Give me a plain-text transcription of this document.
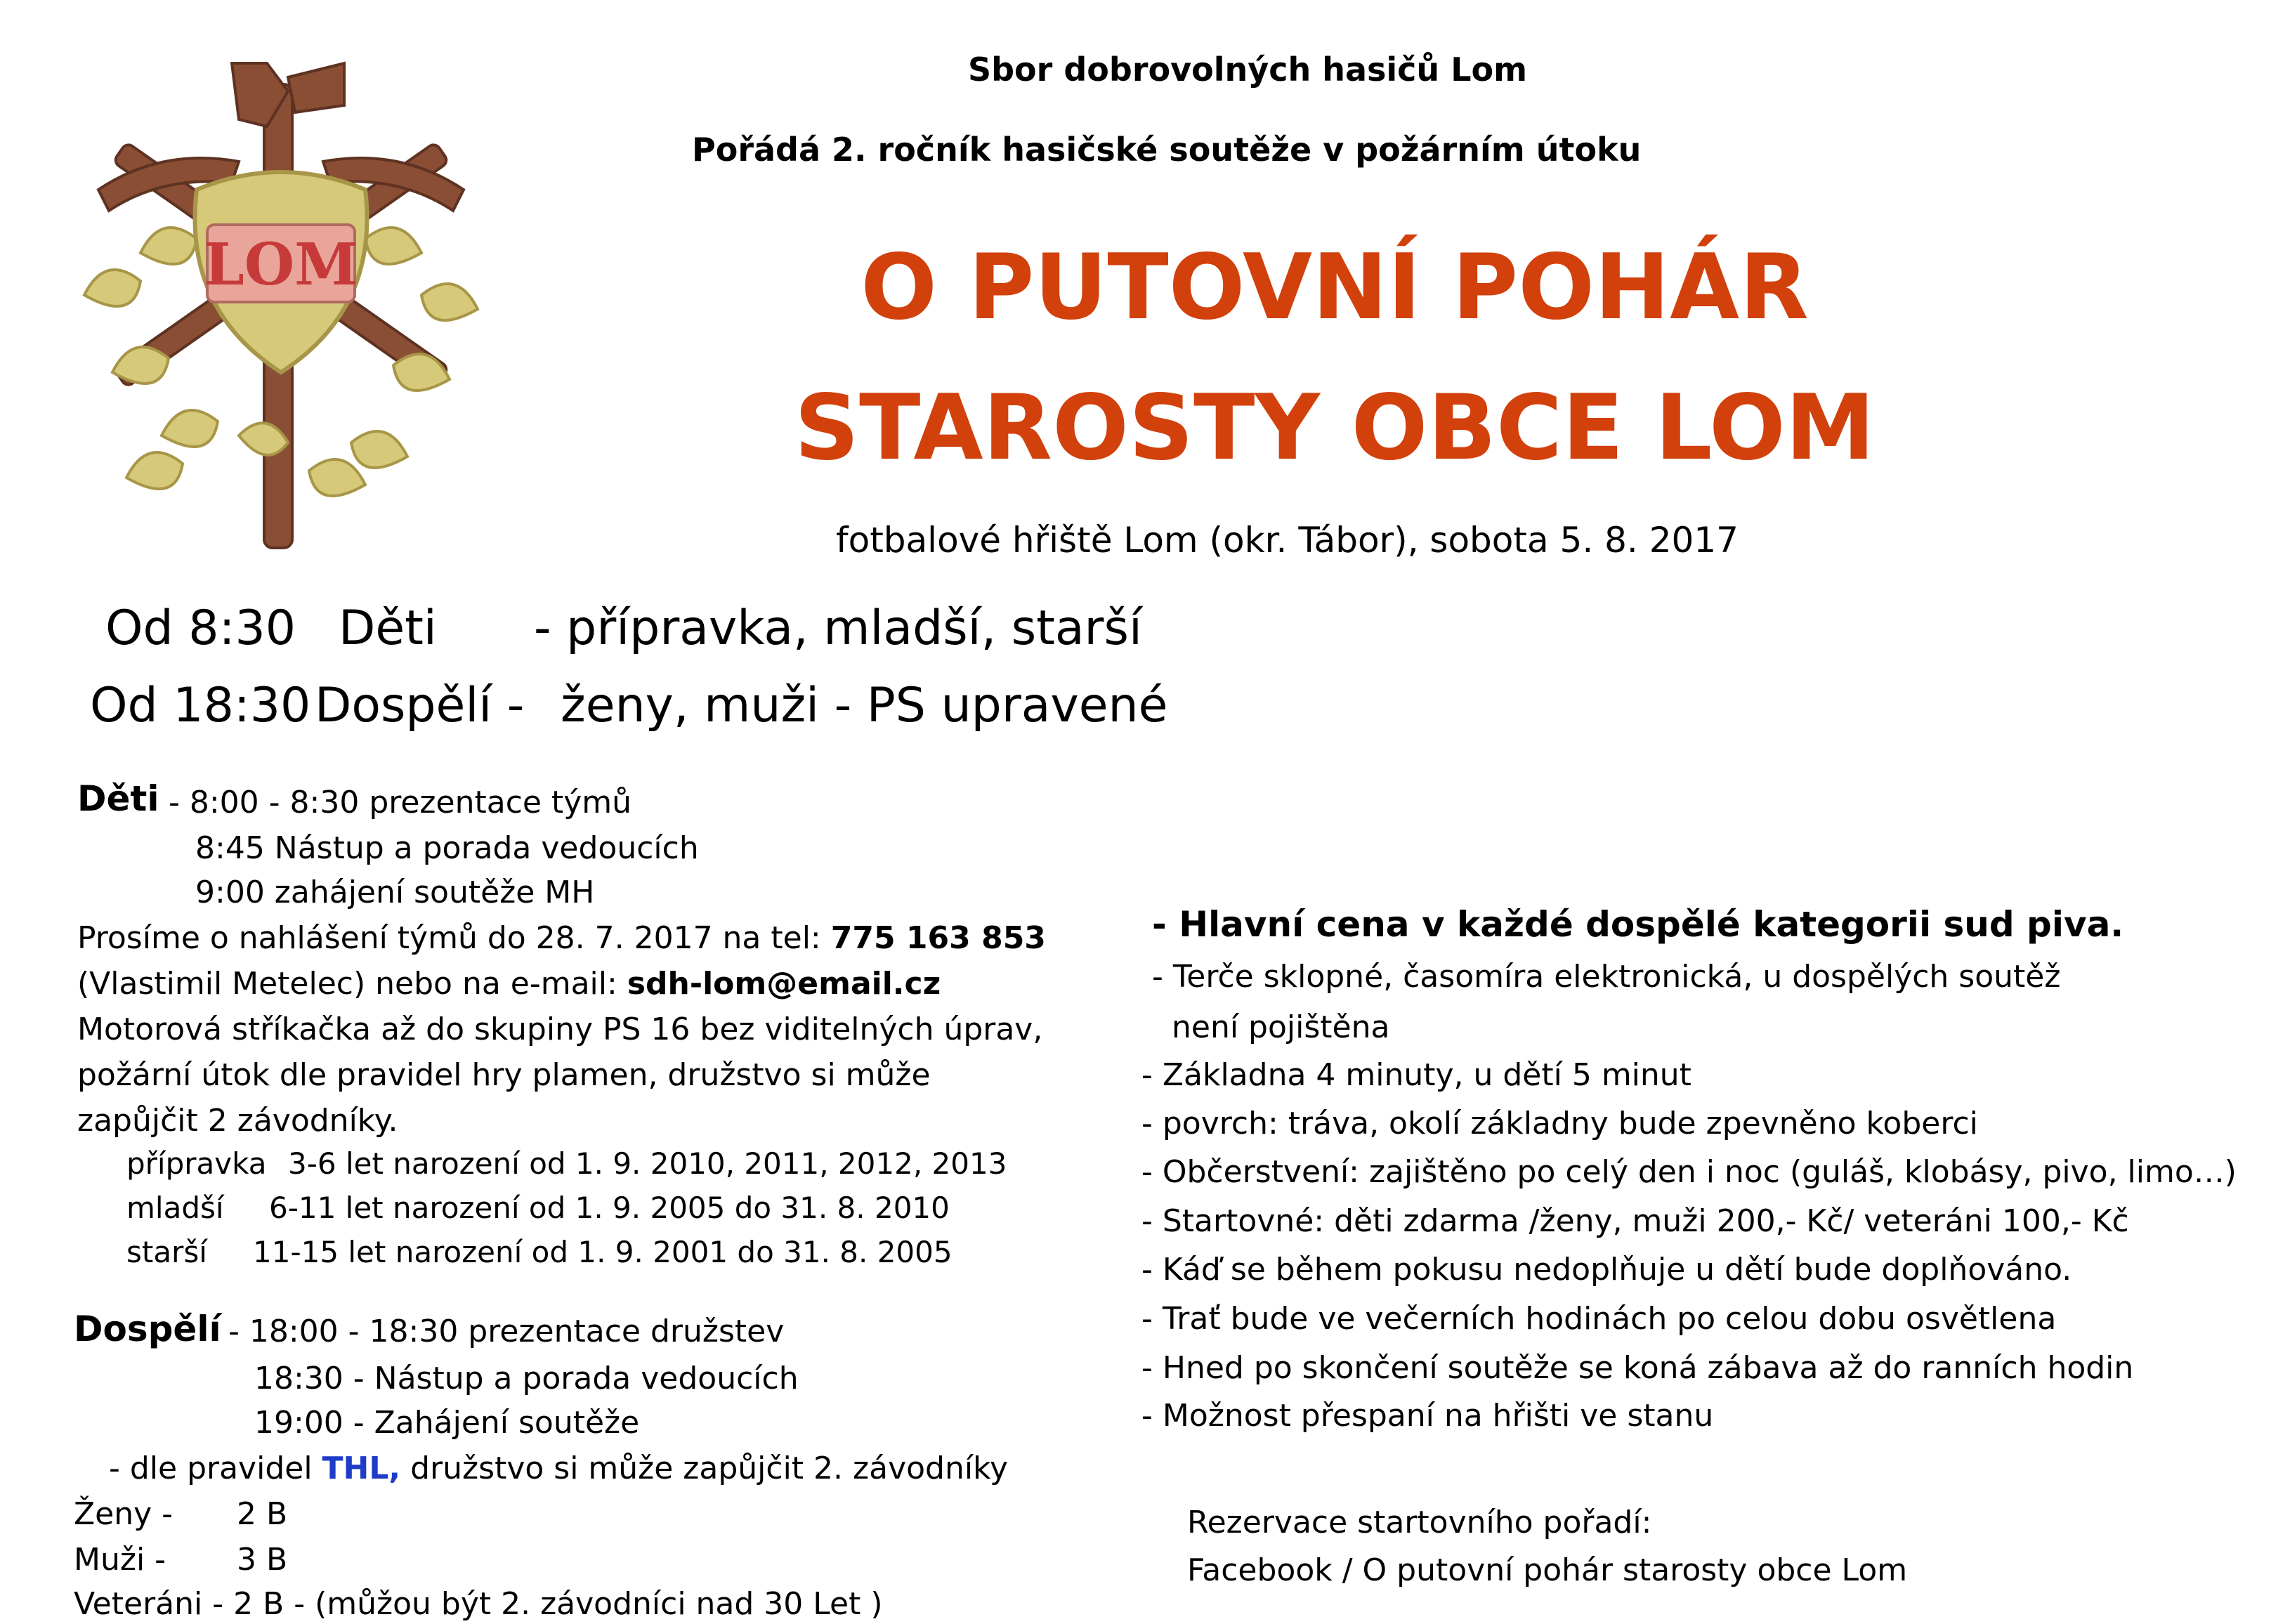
LOM
Sbor dobrovolných hasičů Lom
Pořádá 2. ročník hasičské soutěže v požárním útoku
O PUTOVNÍ POHÁR
STAROSTY OBCE LOM
fotbalové hřiště Lom (okr. Tábor), sobota 5. 8. 2017
Od 8:30 Děti - přípravka, mladší, starší
Od 18:30 Dospělí - ženy, muži - PS upravené
Děti - 8:00 - 8:30 prezentace týmů
8:45 Nástup a porada vedoucích
9:00 zahájení soutěže MH
Prosíme o nahlášení týmů do 28. 7. 2017 na tel: 775 163 853
(Vlastimil Metelec) nebo na e-mail: sdh-lom@email.cz
Motorová stříkačka až do skupiny PS 16 bez viditelných úprav,
požární útok dle pravidel hry plamen, družstvo si může
zapůjčit 2 závodníky.
přípravka 3-6 let narození od 1. 9. 2010, 2011, 2012, 2013
mladší 6-11 let narození od 1. 9. 2005 do 31. 8. 2010
starší 11-15 let narození od 1. 9. 2001 do 31. 8. 2005
Dospělí - 18:00 - 18:30 prezentace družstev
18:30 - Nástup a porada vedoucích
19:00 - Zahájení soutěže
- dle pravidel THL, družstvo si může zapůjčit 2. závodníky
Ženy - 2 B
Muži - 3 B
Veteráni - 2 B - (můžou být 2. závodníci nad 30 Let )
- Hlavní cena v každé dospělé kategorii sud piva.
- Terče sklopné, časomíra elektronická, u dospělých soutěž
není pojištěna
- Základna 4 minuty, u dětí 5 minut
- povrch: tráva, okolí základny bude zpevněno koberci
- Občerstvení: zajištěno po celý den i noc (guláš, klobásy, pivo, limo…)
- Startovné: děti zdarma /ženy, muži 200,- Kč/ veteráni 100,- Kč
- Káď se během pokusu nedoplňuje u dětí bude doplňováno.
- Trať bude ve večerních hodinách po celou dobu osvětlena
- Hned po skončení soutěže se koná zábava až do ranních hodin
- Možnost přespaní na hřišti ve stanu
Rezervace startovního pořadí:
Facebook / O putovní pohár starosty obce Lom
